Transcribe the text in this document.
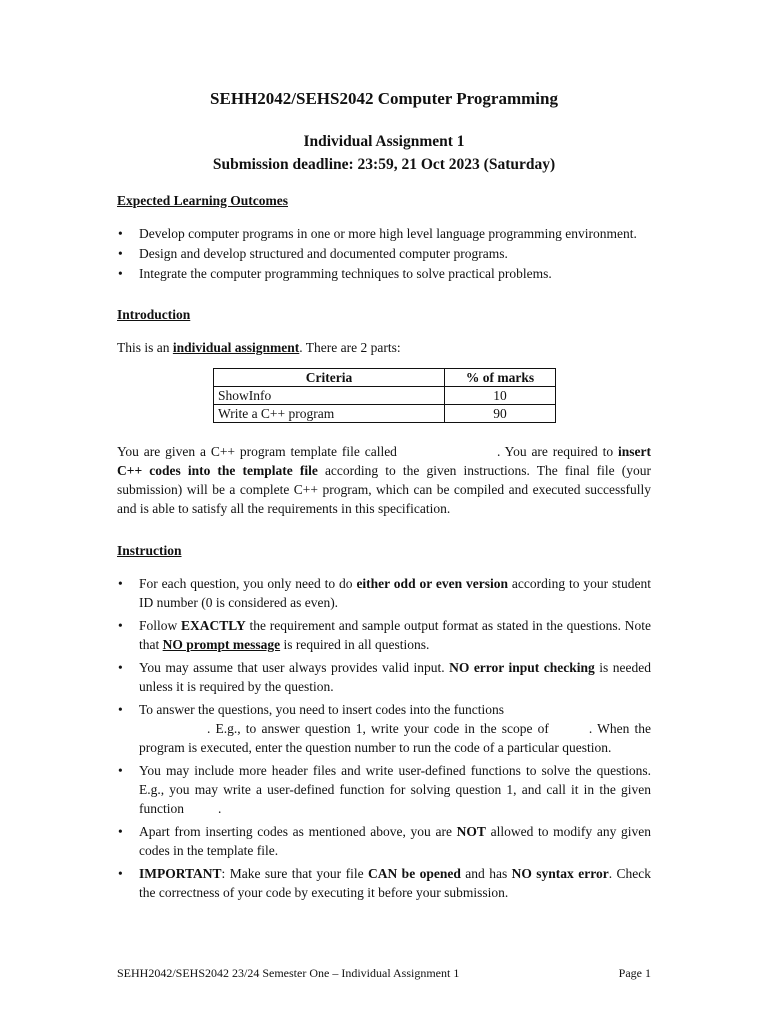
SEHH2042/SEHS2042 Computer Programming
Individual Assignment 1
Submission deadline: 23:59, 21 Oct 2023 (Saturday)
Expected Learning Outcomes
• Develop computer programs in one or more high level language programming environment.
• Design and develop structured and documented computer programs.
• Integrate the computer programming techniques to solve practical problems.
Introduction
This is an individual assignment. There are 2 parts:
Criteria	% of marks
ShowInfo	10
Write a C++ program	90
You are given a C++ program template file called	. You are required to insert C++ codes into the template file according to the given instructions. The final file (your submission) will be a complete C++ program, which can be compiled and executed successfully and is able to satisfy all the requirements in this specification.
Instruction
• For each question, you only need to do either odd or even version according to your student ID number (0 is considered as even).
• Follow EXACTLY the requirement and sample output format as stated in the questions. Note that NO prompt message is required in all questions.
• You may assume that user always provides valid input. NO error input checking is needed unless it is required by the question.
• To answer the questions, you need to insert codes into the functions
. E.g., to answer question 1, write your code in the scope of	. When the program is executed, enter the question number to run the code of a particular question.
• You may include more header files and write user-defined functions to solve the questions. E.g., you may write a user-defined function for solving question 1, and call it in the given function	.
• Apart from inserting codes as mentioned above, you are NOT allowed to modify any given codes in the template file.
• IMPORTANT: Make sure that your file CAN be opened and has NO syntax error. Check the correctness of your code by executing it before your submission.
SEHH2042/SEHS2042 23/24 Semester One – Individual Assignment 1	Page 1
